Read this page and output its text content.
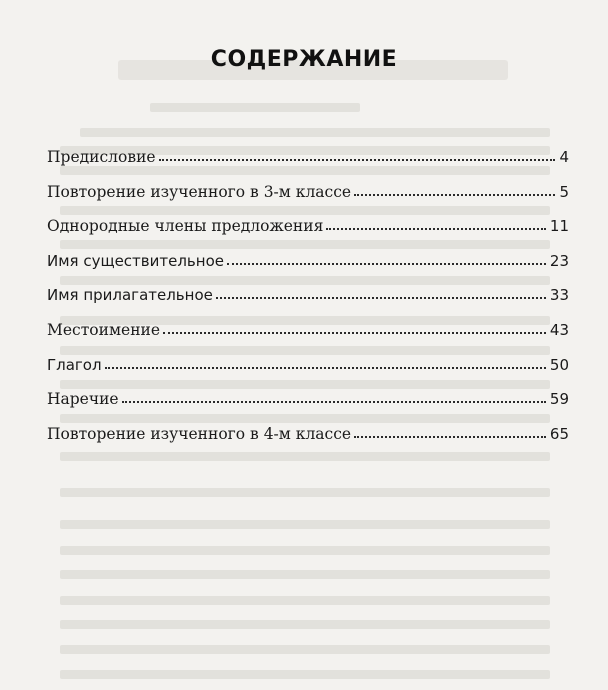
СОДЕРЖАНИЕ
Предисловие	4
Повторение изученного в 3-м классе	5
Однородные члены предложения	11
Имя существительное	23
Имя прилагательное	33
Местоимение	43
Глагол	50
Наречие	59
Повторение изученного в 4-м классе	65
